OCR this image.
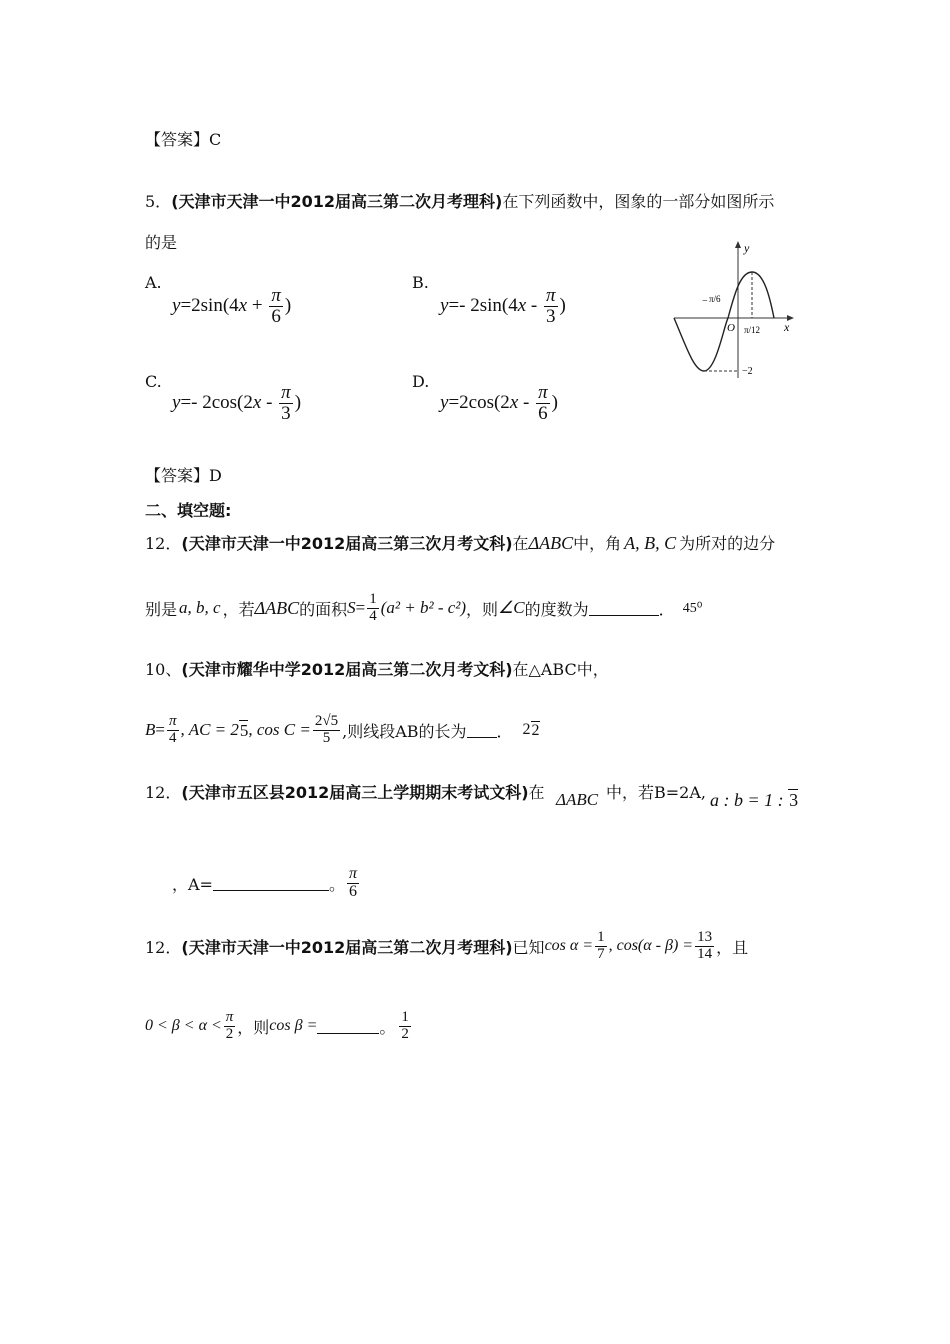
【答案】C
5．(天津市天津一中2012届高三第二次月考理科)在下列函数中，图象的一部分如图所示
的是
A.
$y=2\sin(4x + \frac{\pi}{6}$ )
B.
y=- $2\sin(4x - \frac{\pi}{3}$ )
C.
y=- $2\cos(2x - \frac{\pi}{3}$ )
D.
$y=2\cos(2x - \frac{\pi}{6}$ )
y
x
O
− π/6
π/12
−2
【答案】D
二、填空题:
12．(天津市天津一中2012届高三第三次月考文科)在ΔABC中，角 A, B, C 为所对的边分
别是 a, b, c ，若 ΔABC 的面积 $S = \frac{1}{4} (a^2 + b^2 - c^2)$ ，则 ∠C 的度数为	． 45⁰
10、(天津市耀华中学2012届高三第二次月考文科)在△ABC中，
$B = \frac{\pi}{4}$ , AC = 2 5 , $\cos C = \frac{2√5}{5}$ ,则线段AB的长为 ． 2 2
12．(天津市五区县2012届高三上学期期末考试文科)在 ΔABC 中，若B=2A, a : b = 1 : 3
，A=	。 $\frac{\pi}{6}$
12． (天津市天津一中2012届高三第二次月考理科) 已知 $\cos \alpha = \frac{1}{7}$ , $\cos(\alpha - \beta) = \frac{13}{14}$ ，且
$0 < \beta < \alpha < \frac{\pi}{2}$ ，则 cos β =	。 $\frac{1}{2}$
